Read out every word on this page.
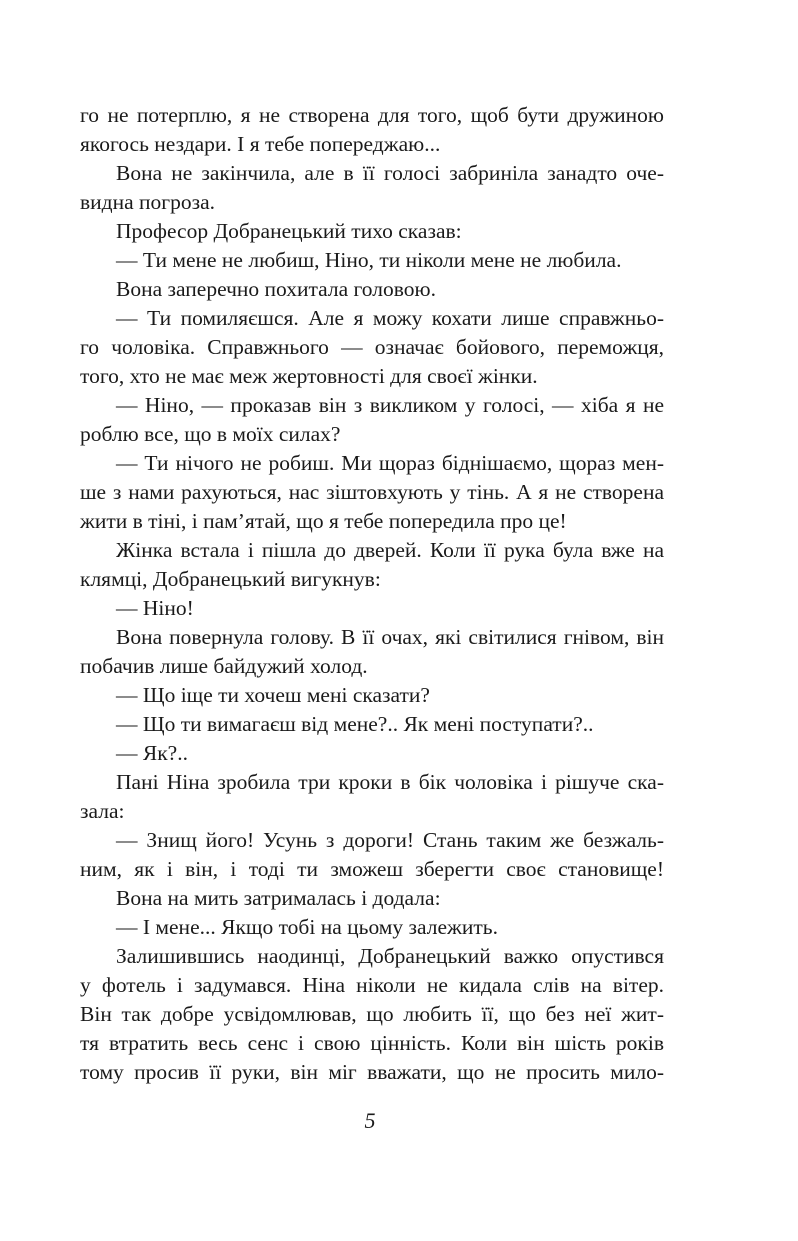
го не потерплю, я не створена для того, щоб бути дружиною
якогось нездари. І я тебе попереджаю...
Вона не закінчила, але в її голосі забриніла занадто оче-
видна погроза.
Професор Добранецький тихо сказав:
— Ти мене не любиш, Ніно, ти ніколи мене не любила.
Вона заперечно похитала головою.
— Ти помиляєшся. Але я можу кохати лише справжньо-
го чоловіка. Справжнього — означає бойового, переможця,
того, хто не має меж жертовності для своєї жінки.
— Ніно, — проказав він з викликом у голосі, — хіба я не
роблю все, що в моїх силах?
— Ти нічого не робиш. Ми щораз біднішаємо, щораз мен-
ше з нами рахуються, нас зіштовхують у тінь. А я не створена
жити в тіні, і пам’ятай, що я тебе попередила про це!
Жінка встала і пішла до дверей. Коли її рука була вже на
клямці, Добранецький вигукнув:
— Ніно!
Вона повернула голову. В її очах, які світилися гнівом, він
побачив лише байдужий холод.
— Що іще ти хочеш мені сказати?
— Що ти вимагаєш від мене?.. Як мені поступати?..
— Як?..
Пані Ніна зробила три кроки в бік чоловіка і рішуче ска-
зала:
— Знищ його! Усунь з дороги! Стань таким же безжаль-
ним, як і він, і тоді ти зможеш зберегти своє становище!
Вона на мить затрималась і додала:
— І мене... Якщо тобі на цьому залежить.
Залишившись наодинці, Добранецький важко опустився
у фотель і задумався. Ніна ніколи не кидала слів на вітер.
Він так добре усвідомлював, що любить її, що без неї жит-
тя втратить весь сенс і свою цінність. Коли він шість років
тому просив її руки, він міг вважати, що не просить мило-
5
